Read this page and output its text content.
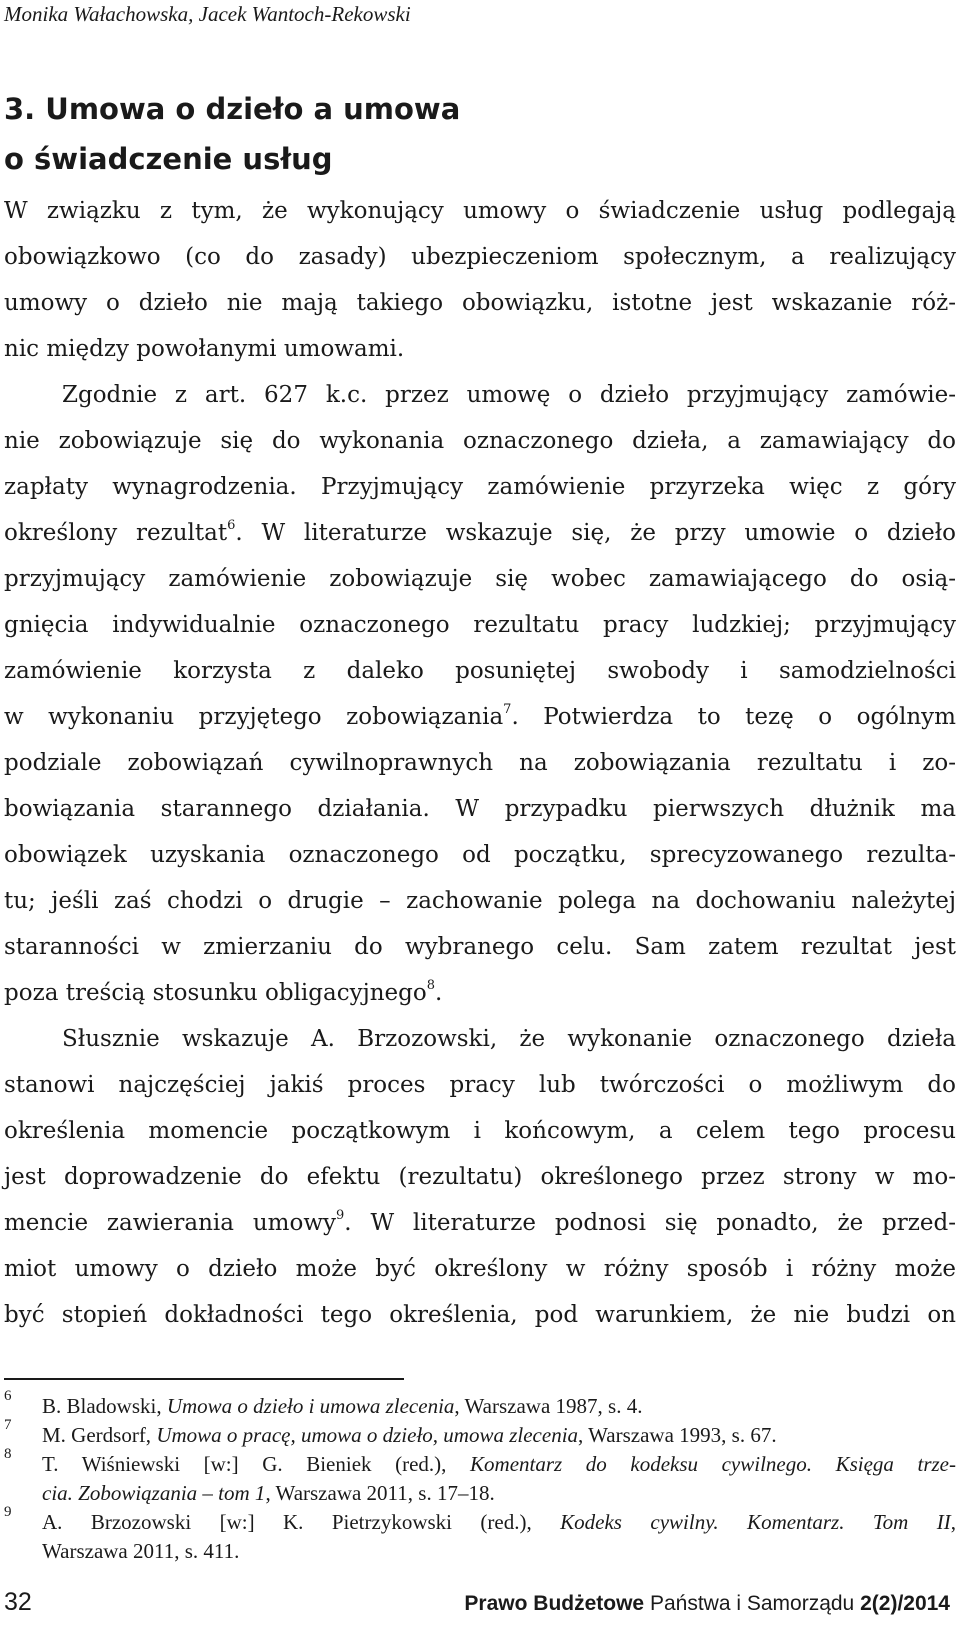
Monika Wałachowska, Jacek Wantoch-Rekowski
3. Umowa o dzieło a umowa
o świadczenie usług
W związku z tym, że wykonujący umowy o świadczenie usług podlegają
obowiązkowo (co do zasady) ubezpieczeniom społecznym, a realizujący
umowy o dzieło nie mają takiego obowiązku, istotne jest wskazanie róż-
nic między powołanymi umowami.
Zgodnie z art. 627 k.c. przez umowę o dzieło przyjmujący zamówie-
nie zobowiązuje się do wykonania oznaczonego dzieła, a zamawiający do
zapłaty wynagrodzenia. Przyjmujący zamówienie przyrzeka więc z góry
określony rezultat$^6$. W literaturze wskazuje się, że przy umowie o dzieło
przyjmujący zamówienie zobowiązuje się wobec zamawiającego do osią-
gnięcia indywidualnie oznaczonego rezultatu pracy ludzkiej; przyjmujący
zamówienie korzysta z daleko posuniętej swobody i samodzielności
w wykonaniu przyjętego zobowiązania$^7$. Potwierdza to tezę o ogólnym
podziale zobowiązań cywilnoprawnych na zobowiązania rezultatu i zo-
bowiązania starannego działania. W przypadku pierwszych dłużnik ma
obowiązek uzyskania oznaczonego od początku, sprecyzowanego rezulta-
tu; jeśli zaś chodzi o drugie – zachowanie polega na dochowaniu należytej
staranności w zmierzaniu do wybranego celu. Sam zatem rezultat jest
poza treścią stosunku obligacyjnego$^8$.
Słusznie wskazuje A. Brzozowski, że wykonanie oznaczonego dzieła
stanowi najczęściej jakiś proces pracy lub twórczości o możliwym do
określenia momencie początkowym i końcowym, a celem tego procesu
jest doprowadzenie do efektu (rezultatu) określonego przez strony w mo-
mencie zawierania umowy$^9$. W literaturze podnosi się ponadto, że przed-
miot umowy o dzieło może być określony w różny sposób i różny może
być stopień dokładności tego określenia, pod warunkiem, że nie budzi on
6 B. Bladowski, Umowa o dzieło i umowa zlecenia, Warszawa 1987, s. 4.
7 M. Gerdsorf, Umowa o pracę, umowa o dzieło, umowa zlecenia, Warszawa 1993, s. 67.
8 T. Wiśniewski [w:] G. Bieniek (red.), Komentarz do kodeksu cywilnego. Księga trze-
cia. Zobowiązania – tom 1, Warszawa 2011, s. 17–18.
9 A. Brzozowski [w:] K. Pietrzykowski (red.), Kodeks cywilny. Komentarz. Tom II,
Warszawa 2011, s. 411.
32	Prawo Budżetowe Państwa i Samorządu 2(2)/2014
